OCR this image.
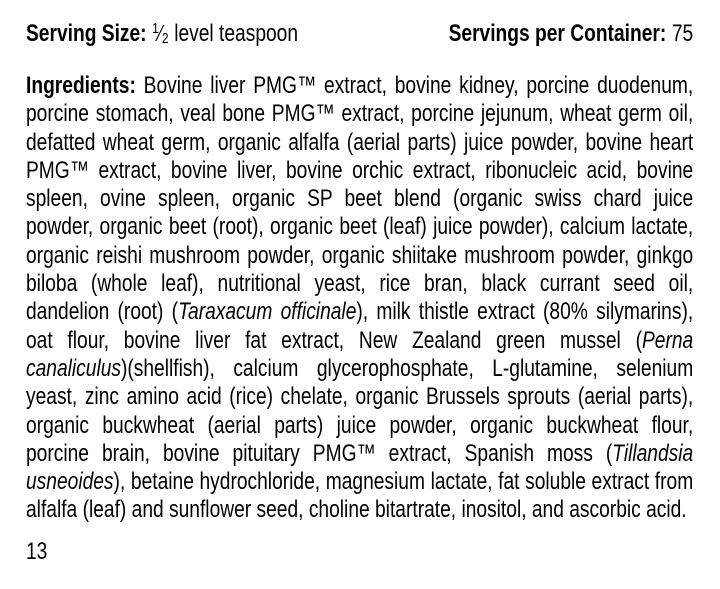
Serving Size: $^1⁄_2$ level teaspoon	Servings per Container: 75

Ingredients: Bovine liver PMG™ extract, bovine kidney, porcine duodenum, porcine stomach, veal bone PMG™ extract, porcine jejunum, wheat germ oil, defatted wheat germ, organic alfalfa (aerial parts) juice powder, bovine heart PMG™ extract, bovine liver, bovine orchic extract, ribonucleic acid, bovine spleen, ovine spleen, organic SP beet blend (organic swiss chard juice powder, organic beet (root), organic beet (leaf) juice powder), calcium lactate, organic reishi mushroom powder, organic shiitake mushroom powder, ginkgo biloba (whole leaf), nutritional yeast, rice bran, black currant seed oil, dandelion (root) (Taraxacum officinale), milk thistle extract (80% silymarins), oat flour, bovine liver fat extract, New Zealand green mussel (Perna canaliculus)(shellfish), calcium glycerophosphate, L-glutamine, selenium yeast, zinc amino acid (rice) chelate, organic Brussels sprouts (aerial parts), organic buckwheat (aerial parts) juice powder, organic buckwheat flour, porcine brain, bovine pituitary PMG™ extract, Spanish moss (Tillandsia usneoides), betaine hydrochloride, magnesium lactate, fat soluble extract from alfalfa (leaf) and sunflower seed, choline bitartrate, inositol, and ascorbic acid.

13
